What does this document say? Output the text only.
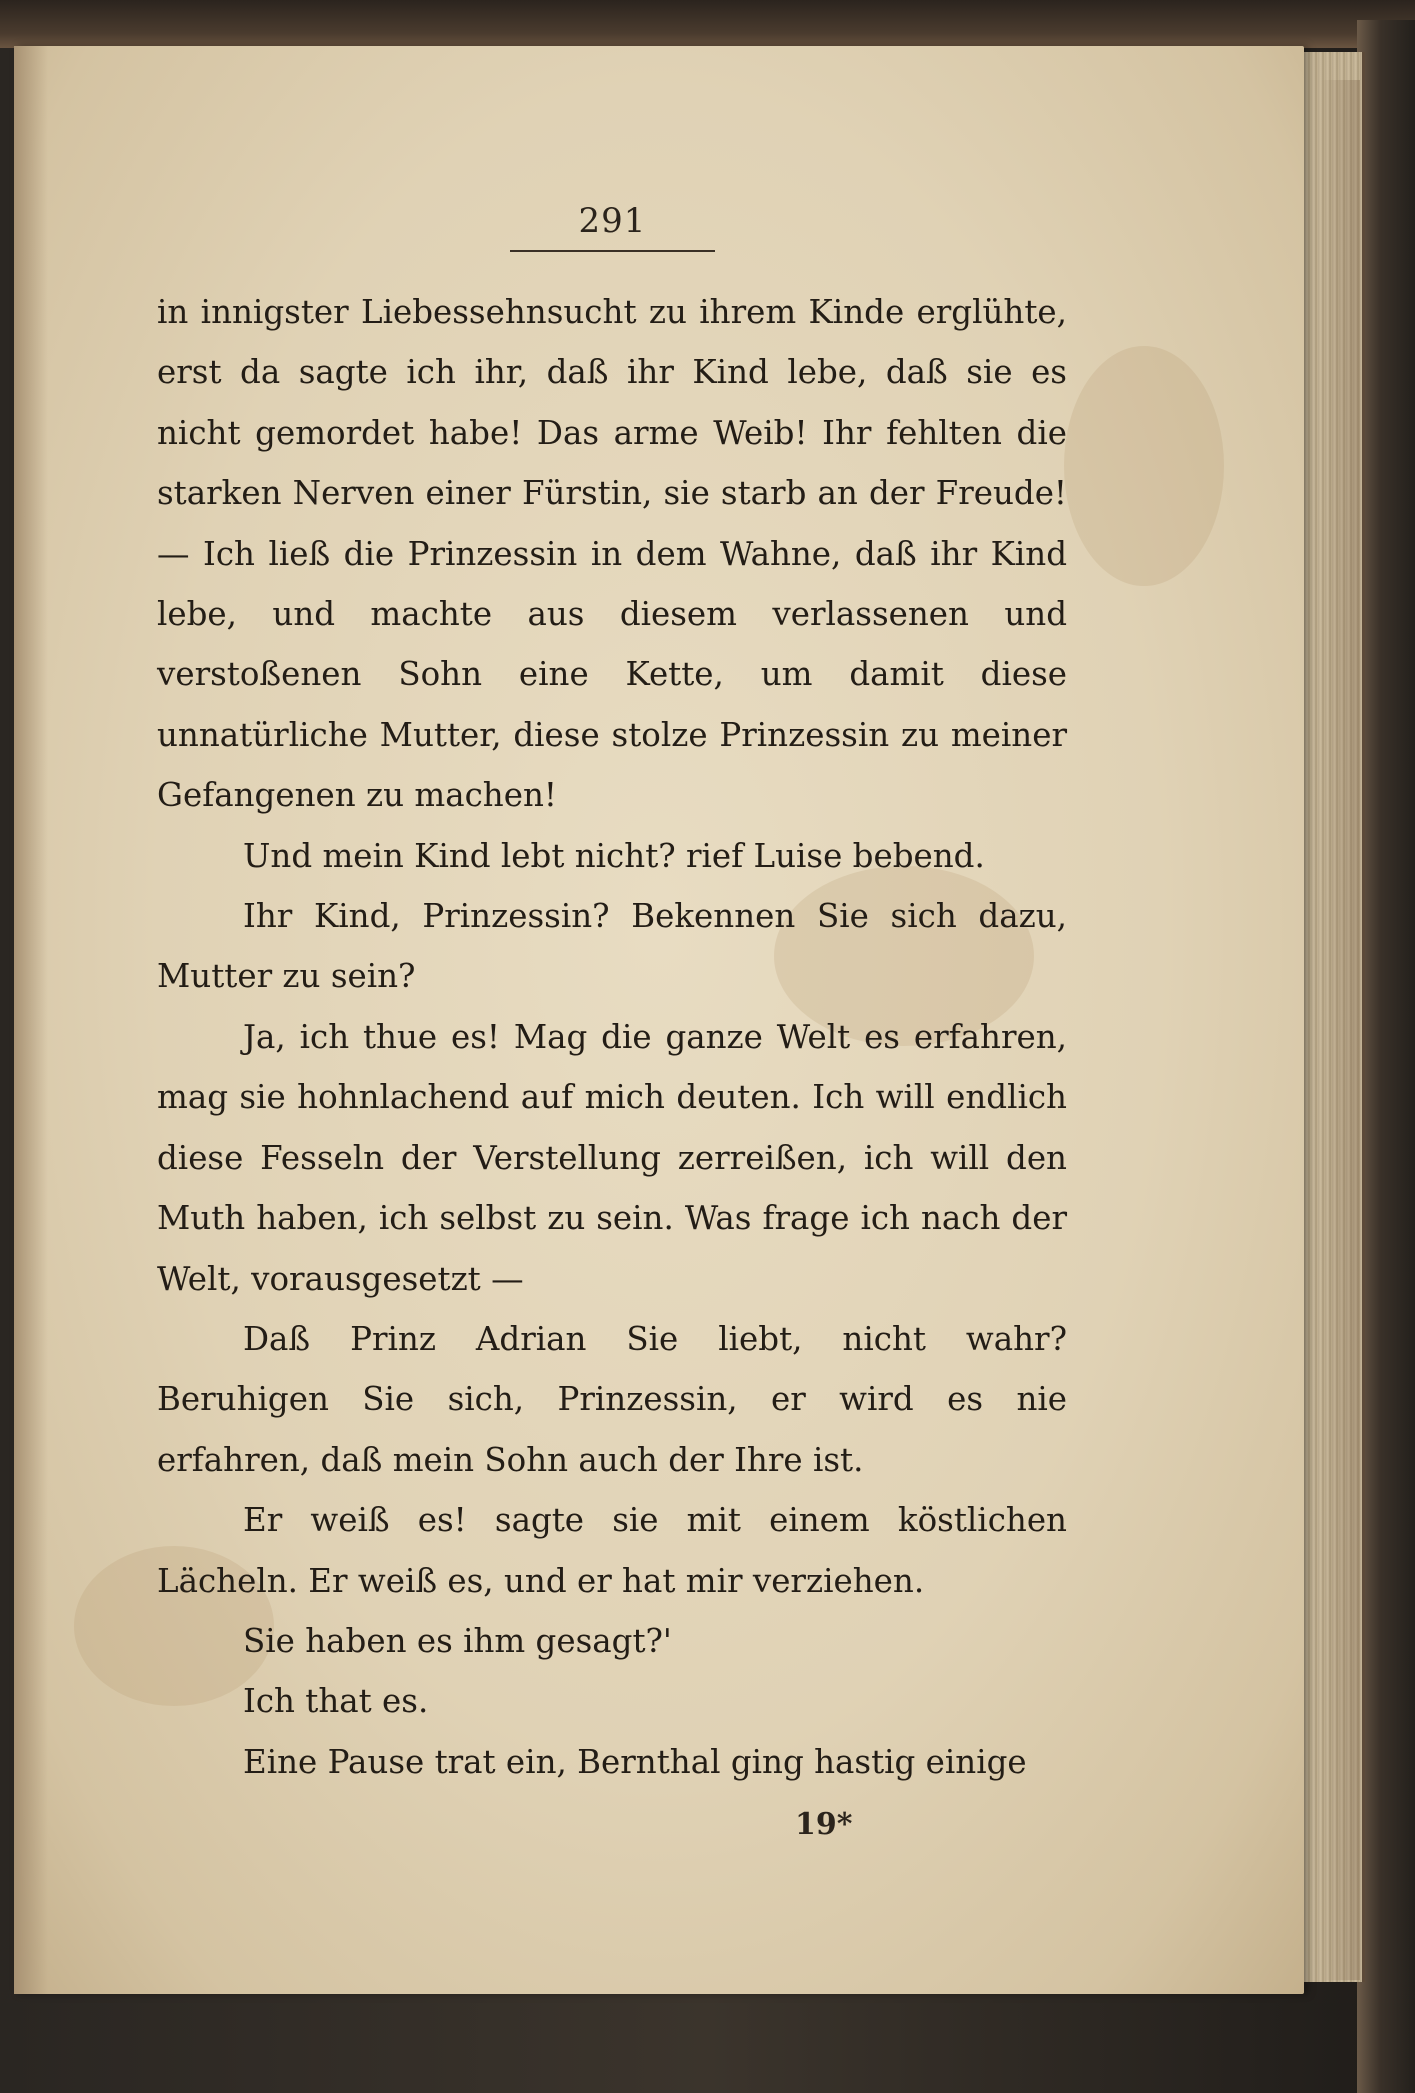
291

in innigster Liebessehnsucht zu ihrem Kinde erglühte, erst da sagte ich ihr, daß ihr Kind lebe, daß sie es nicht gemordet habe! Das arme Weib! Ihr fehlten die starken Nerven einer Fürstin, sie starb an der Freude! — Ich ließ die Prinzessin in dem Wahne, daß ihr Kind lebe, und machte aus diesem verlassenen und verstoßenen Sohn eine Kette, um damit diese unnatürliche Mutter, diese stolze Prinzessin zu meiner Gefangenen zu machen!

Und mein Kind lebt nicht? rief Luise bebend.

Ihr Kind, Prinzessin? Bekennen Sie sich dazu, Mutter zu sein?

Ja, ich thue es! Mag die ganze Welt es erfahren, mag sie hohnlachend auf mich deuten. Ich will endlich diese Fesseln der Verstellung zerreißen, ich will den Muth haben, ich selbst zu sein. Was frage ich nach der Welt, vorausgesetzt —

Daß Prinz Adrian Sie liebt, nicht wahr? Beruhigen Sie sich, Prinzessin, er wird es nie erfahren, daß mein Sohn auch der Ihre ist.

Er weiß es! sagte sie mit einem köstlichen Lächeln. Er weiß es, und er hat mir verziehen.

Sie haben es ihm gesagt?'

Ich that es.

Eine Pause trat ein, Bernthal ging hastig einige

19*
